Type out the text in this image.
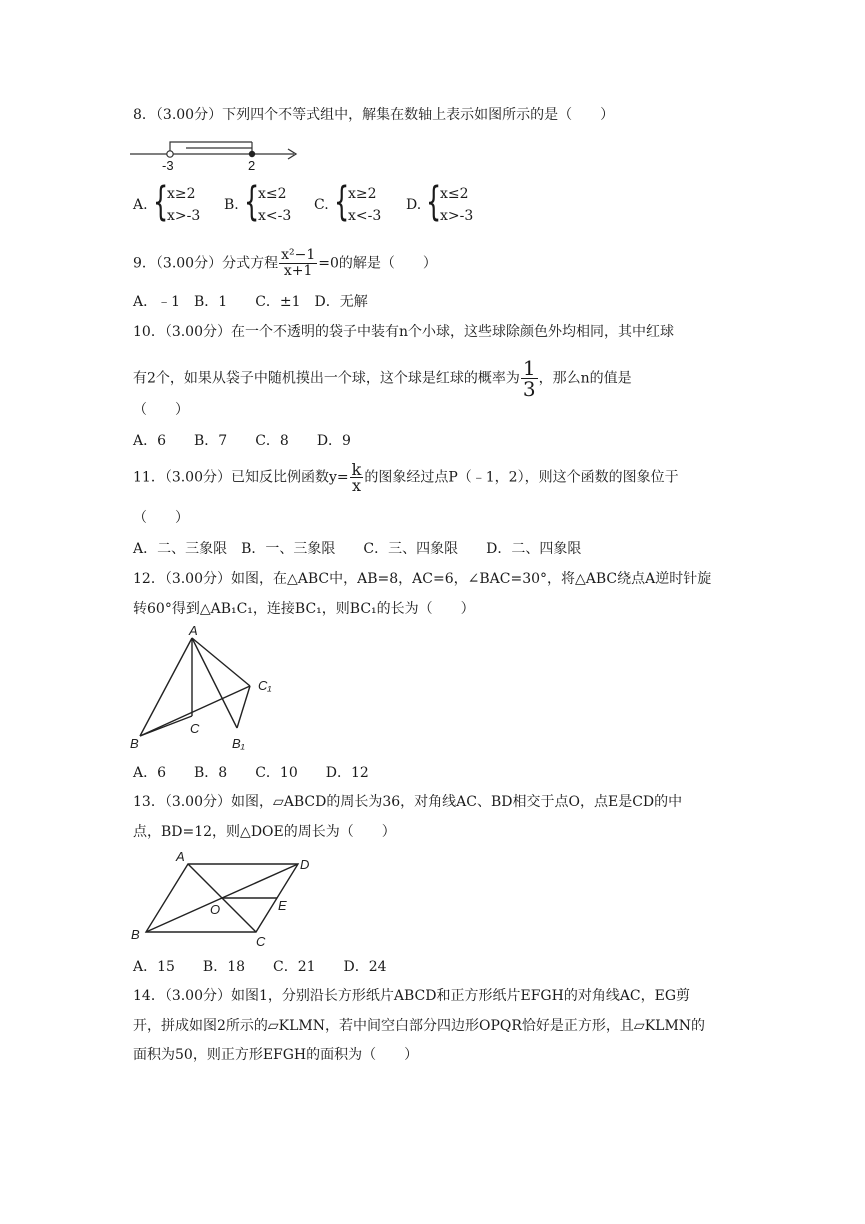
8．（3.00分）下列四个不等式组中，解集在数轴上表示如图所示的是（　　）
-3	2
A. {
x≥2
x>-3
B. {
x≤2
x<-3
C. {
x≥2
x<-3
D. {
x≤2
x>-3
9．（3.00分）分式方程 $\frac{\text{x²−1}}{x+1} =0$的解是（　　）
A．﹣1　B．1　　C．±1　D．无解
10．（3.00分）在一个不透明的袋子中装有n个小球，这些球除颜色外均相同，其中红球
有2个，如果从袋子中随机摸出一个球，这个球是红球的概率为 $\frac{1}{3}$ ，那么n的值是
（　　）
A．6　　B．7　　C．8　　D．9
11．（3.00分）已知反比例函数$y= \frac{k}{x}$ 的图象经过点P（﹣1，2），则这个函数的图象位于
（　　）
A．二、三象限　B．一、三象限　　C．三、四象限　　D．二、四象限
12．（3.00分）如图，在△ABC中，AB=8，AC=6，∠BAC=30°，将△ABC绕点A逆时针旋
转60°得到△AB₁C₁，连接BC₁，则BC₁的长为（　　）
A
B
C
B₁
C₁
A．6　　B．8　　C．10　　D．12
13．（3.00分）如图，▱ABCD的周长为36，对角线AC、BD相交于点O，点E是CD的中
点，BD=12，则△DOE的周长为（　　）
A
D
B	C
O	E
A．15　　B．18　　C．21　　D．24
14．（3.00分）如图1，分别沿长方形纸片ABCD和正方形纸片EFGH的对角线AC，EG剪
开，拼成如图2所示的▱KLMN，若中间空白部分四边形OPQR恰好是正方形，且▱KLMN的
面积为50，则正方形EFGH的面积为（　　）
